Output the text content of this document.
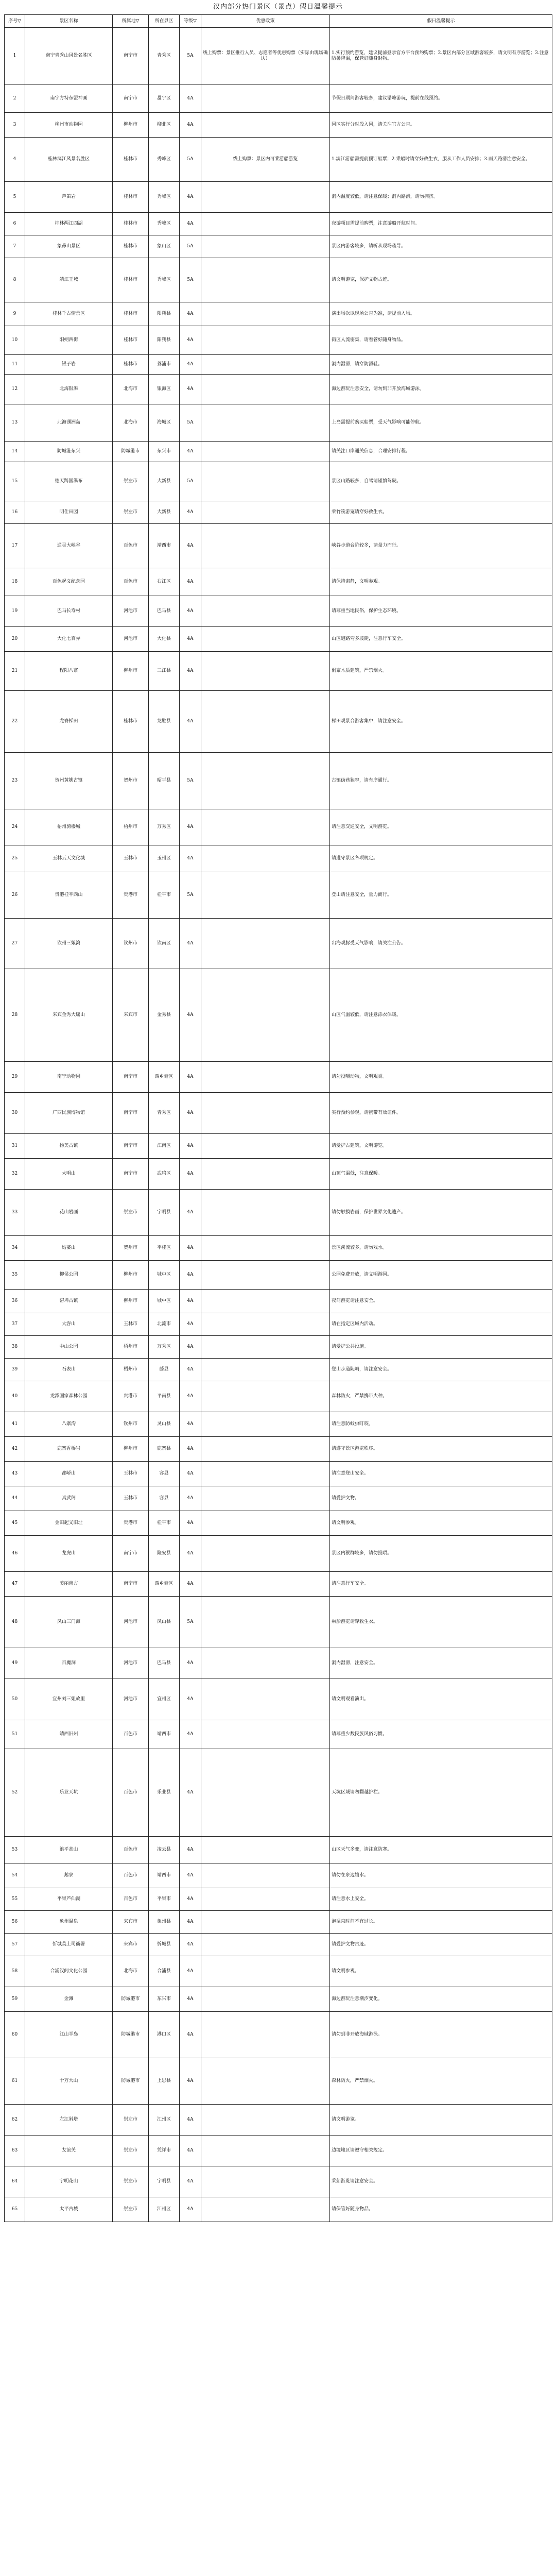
汉内部分热门景区（景点）假日温馨提示
序号▽	景区名称	所属地▽	所在县区	等级▽	优惠政策	假日温馨提示
1	南宁青秀山风景名胜区	南宁市	青秀区	5A	线上购票：景区推行人员、志愿者等优惠购票（实际由现场确认）	1.实行预约游览，建议提前登录官方平台预约购票；2.景区内部分区域游客较多，请文明有序游览；3.注意防暑降温，保管好随身财物。
2	南宁方特东盟神画	南宁市	邕宁区	4A		节假日期间游客较多，建议错峰游玩，提前在线预约。
3	柳州市动物园	柳州市	柳北区	4A		园区实行分时段入园，请关注官方公告。
4	桂林漓江风景名胜区	桂林市	秀峰区	5A	线上购票：景区内可乘游船游览	1.漓江游船需提前预订船票；2.乘船时请穿好救生衣，服从工作人员安排；3.雨天路滑注意安全。
5	芦笛岩	桂林市	秀峰区	4A		洞内温度较低，请注意保暖；洞内路滑，请勿拥挤。
6	桂林两江四湖	桂林市	秀峰区	4A		夜游项目需提前购票，注意游船开航时间。
7	象鼻山景区	桂林市	象山区	5A		景区内游客较多，请听从现场疏导。
8	靖江王城	桂林市	秀峰区	5A		请文明游览，保护文物古迹。
9	桂林千古情景区	桂林市	阳朔县	4A		演出场次以现场公告为准，请提前入场。
10	阳朔西街	桂林市	阳朔县	4A		街区人流密集，请看管好随身物品。
11	银子岩	桂林市	荔浦市	4A		洞内湿滑，请穿防滑鞋。
12	北海银滩	北海市	银海区	4A		海边游玩注意安全，请勿到非开放海域游泳。
13	北海涠洲岛	北海市	海城区	5A		上岛需提前购买船票，受天气影响可能停航。
14	防城港东兴	防城港市	东兴市	4A		请关注口岸通关信息，合理安排行程。
15	德天跨国瀑布	崇左市	大新县	5A		景区山路较多，自驾请谨慎驾驶。
16	明仕田园	崇左市	大新县	4A		乘竹筏游览请穿好救生衣。
17	通灵大峡谷	百色市	靖西市	4A		峡谷步道台阶较多，请量力而行。
18	百色起义纪念园	百色市	右江区	4A		请保持肃静，文明参观。
19	巴马长寿村	河池市	巴马县	4A		请尊重当地民俗，保护生态环境。
20	大化七百弄	河池市	大化县	4A		山区道路弯多坡陡，注意行车安全。
21	程阳八寨	柳州市	三江县	4A		侗寨木质建筑，严禁烟火。
22	龙脊梯田	桂林市	龙胜县	4A		梯田观景台游客集中，请注意安全。
23	贺州黄姚古镇	贺州市	昭平县	5A		古镇街巷狭窄，请有序通行。
24	梧州骑楼城	梧州市	万秀区	4A		请注意交通安全，文明游览。
25	玉林云天文化城	玉林市	玉州区	4A		请遵守景区各项规定。
26	贵港桂平西山	贵港市	桂平市	5A		登山请注意安全，量力而行。
27	钦州三娘湾	钦州市	钦南区	4A		出海观豚受天气影响，请关注公告。
28	来宾金秀大瑶山	来宾市	金秀县	4A		山区气温较低，请注意添衣保暖。
29	南宁动物园	南宁市	西乡塘区	4A		请勿投喂动物，文明观赏。
30	广西民族博物馆	南宁市	青秀区	4A		实行预约参观，请携带有效证件。
31	扬美古镇	南宁市	江南区	4A		请爱护古建筑，文明游览。
32	大明山	南宁市	武鸣区	4A		山顶气温低，注意保暖。
33	花山岩画	崇左市	宁明县	4A		请勿触摸岩画，保护世界文化遗产。
34	姑婆山	贺州市	平桂区	4A		景区溪流较多，请勿戏水。
35	柳侯公园	柳州市	城中区	4A		公园免费开放，请文明游园。
36	窑埠古镇	柳州市	城中区	4A		夜间游览请注意安全。
37	大容山	玉林市	北流市	4A		请在指定区域内活动。
38	中山公园	梧州市	万秀区	4A		请爱护公共设施。
39	石表山	梧州市	藤县	4A		登山步道陡峭，请注意安全。
40	龙潭国家森林公园	贵港市	平南县	4A		森林防火，严禁携带火种。
41	八寨沟	钦州市	灵山县	4A		请注意防蚊虫叮咬。
42	鹿寨香桥岩	柳州市	鹿寨县	4A		请遵守景区游览秩序。
43	都峤山	玉林市	容县	4A		请注意登山安全。
44	真武阁	玉林市	容县	4A		请爱护文物。
45	金田起义旧址	贵港市	桂平市	4A		请文明参观。
46	龙虎山	南宁市	隆安县	4A		景区内猴群较多，请勿投喂。
47	美丽南方	南宁市	西乡塘区	4A		请注意行车安全。
48	凤山三门海	河池市	凤山县	5A		乘船游览请穿救生衣。
49	百魔洞	河池市	巴马县	4A		洞内湿滑，注意安全。
50	宜州刘三姐故里	河池市	宜州区	4A		请文明观看演出。
51	靖西旧州	百色市	靖西市	4A		请尊重少数民族风俗习惯。
52	乐业天坑	百色市	乐业县	4A		天坑区域请勿翻越护栏。
53	浪平高山	百色市	凌云县	4A		山区天气多变，请注意防寒。
54	鹅泉	百色市	靖西市	4A		请勿在泉边嬉水。
55	平果芦仙湖	百色市	平果市	4A		请注意水上安全。
56	象州温泉	来宾市	象州县	4A		泡温泉时间不宜过长。
57	忻城莫土司衙署	来宾市	忻城县	4A		请爱护文物古迹。
58	合浦汉闾文化公园	北海市	合浦县	4A		请文明参观。
59	金滩	防城港市	东兴市	4A		海边游玩注意潮汐变化。
60	江山半岛	防城港市	港口区	4A		请勿到非开放海域游泳。
61	十万大山	防城港市	上思县	4A		森林防火，严禁烟火。
62	左江斜塔	崇左市	江州区	4A		请文明游览。
63	友谊关	崇左市	凭祥市	4A		边境地区请遵守相关规定。
64	宁明花山	崇左市	宁明县	4A		乘船游览请注意安全。
65	太平古城	崇左市	江州区	4A		请保管好随身物品。
